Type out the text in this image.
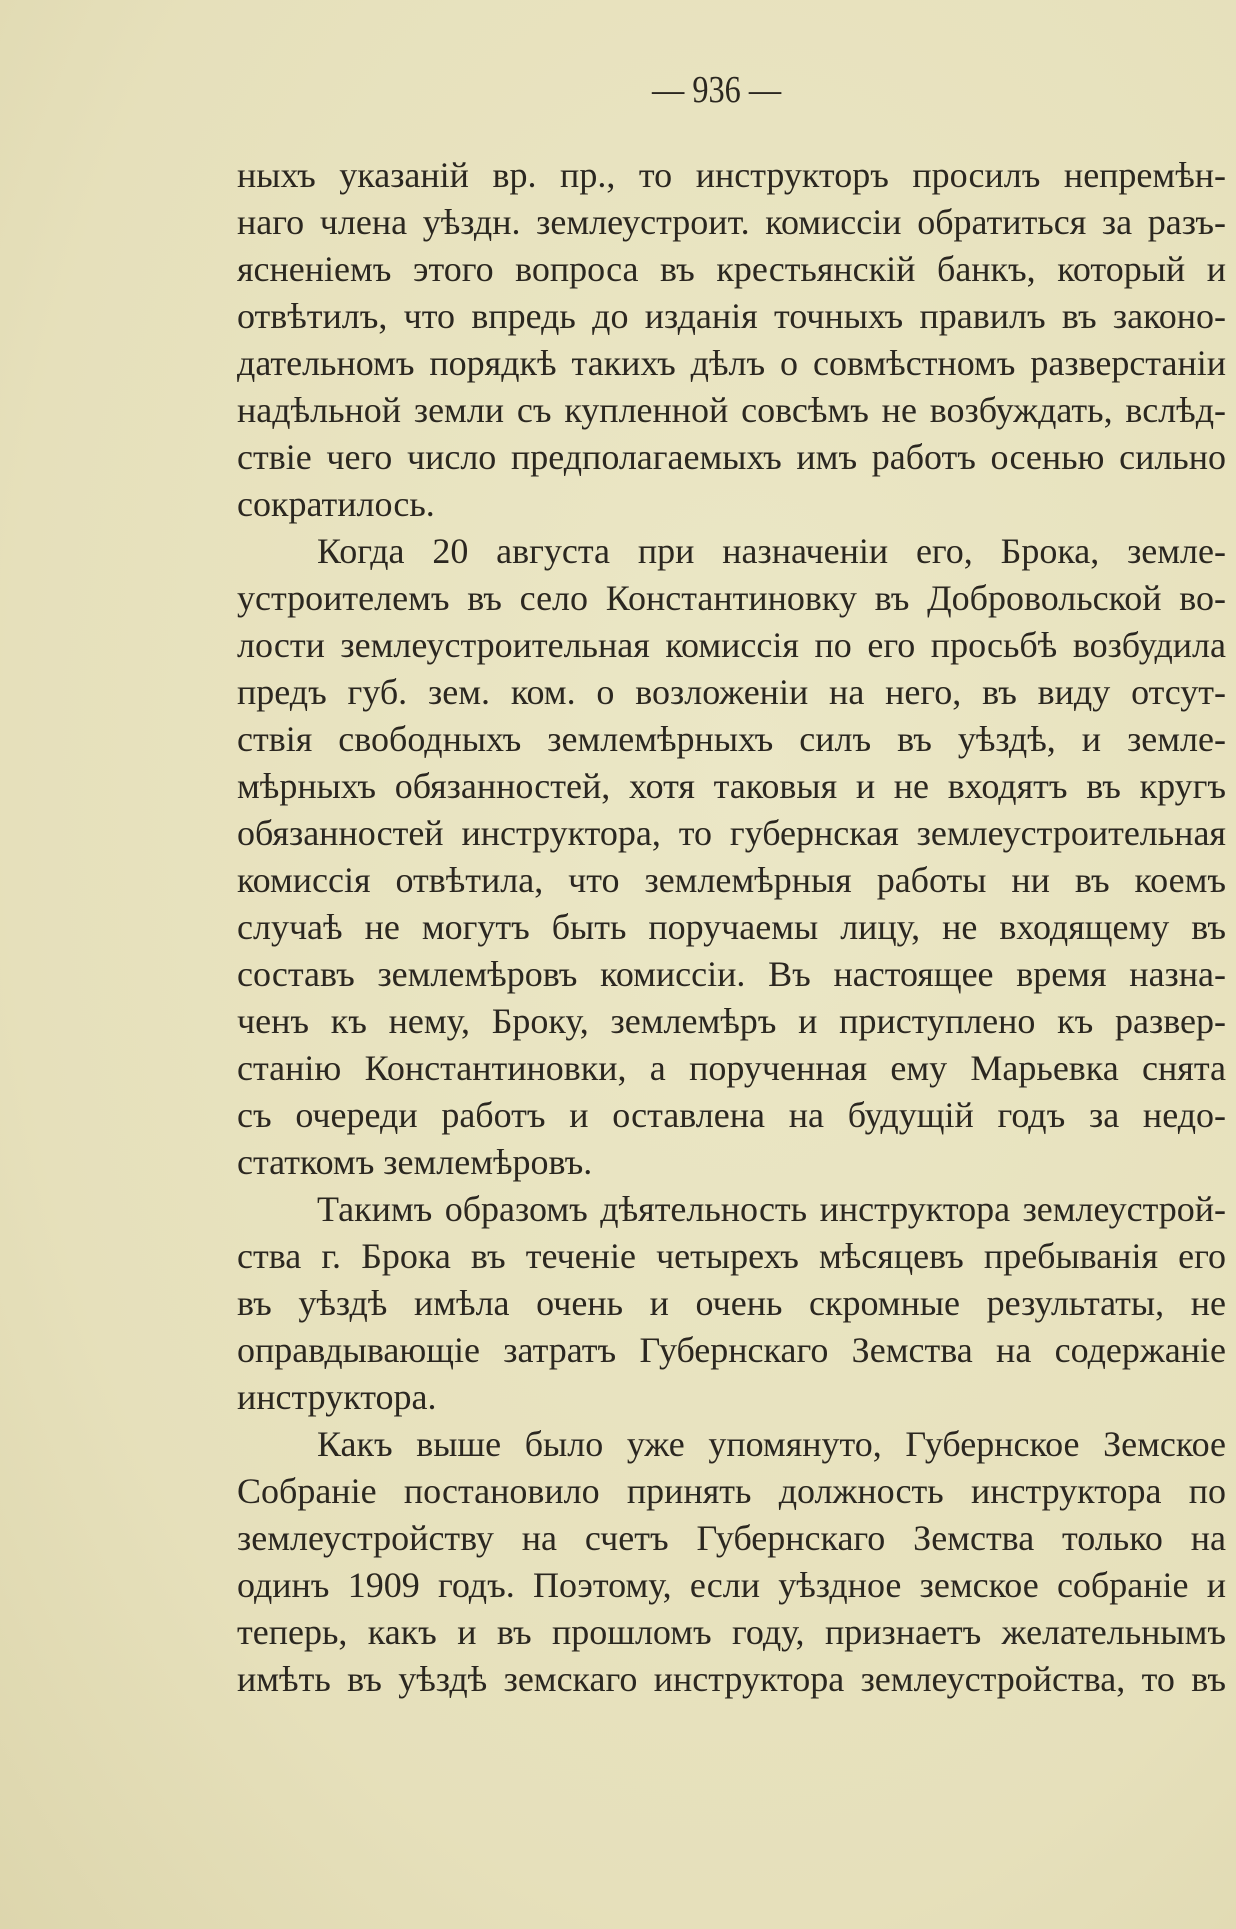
— 936 —
ныхъ указаній вр. пр., то инструкторъ просилъ непремѣн-
наго члена уѣздн. землеустроит. комиссіи обратиться за разъ-
ясненіемъ этого вопроса въ крестьянскій банкъ, который и
отвѣтилъ, что впредь до изданія точныхъ правилъ въ законо-
дательномъ порядкѣ такихъ дѣлъ о совмѣстномъ разверстаніи
надѣльной земли съ купленной совсѣмъ не возбуждать, вслѣд-
ствіе чего число предполагаемыхъ имъ работъ осенью сильно
сократилось.
Когда 20 августа при назначеніи его, Брока, земле-
устроителемъ въ село Константиновку въ Добровольской во-
лости землеустроительная комиссія по его просьбѣ возбудила
предъ губ. зем. ком. о возложеніи на него, въ виду отсут-
ствія свободныхъ землемѣрныхъ силъ въ уѣздѣ, и земле-
мѣрныхъ обязанностей, хотя таковыя и не входятъ въ кругъ
обязанностей инструктора, то губернская землеустроительная
комиссія отвѣтила, что землемѣрныя работы ни въ коемъ
случаѣ не могутъ быть поручаемы лицу, не входящему въ
составъ землемѣровъ комиссіи. Въ настоящее время назна-
ченъ къ нему, Броку, землемѣръ и приступлено къ развер-
станію Константиновки, а порученная ему Марьевка снята
съ очереди работъ и оставлена на будущій годъ за недо-
статкомъ землемѣровъ.
Такимъ образомъ дѣятельность инструктора землеустрой-
ства г. Брока въ теченіе четырехъ мѣсяцевъ пребыванія его
въ уѣздѣ имѣла очень и очень скромные результаты, не
оправдывающіе затратъ Губернскаго Земства на содержаніе
инструктора.
Какъ выше было уже упомянуто, Губернское Земское
Собраніе постановило принять должность инструктора по
землеустройству на счетъ Губернскаго Земства только на
одинъ 1909 годъ. Поэтому, если уѣздное земское собраніе и
теперь, какъ и въ прошломъ году, признаетъ желательнымъ
имѣть въ уѣздѣ земскаго инструктора землеустройства, то въ
